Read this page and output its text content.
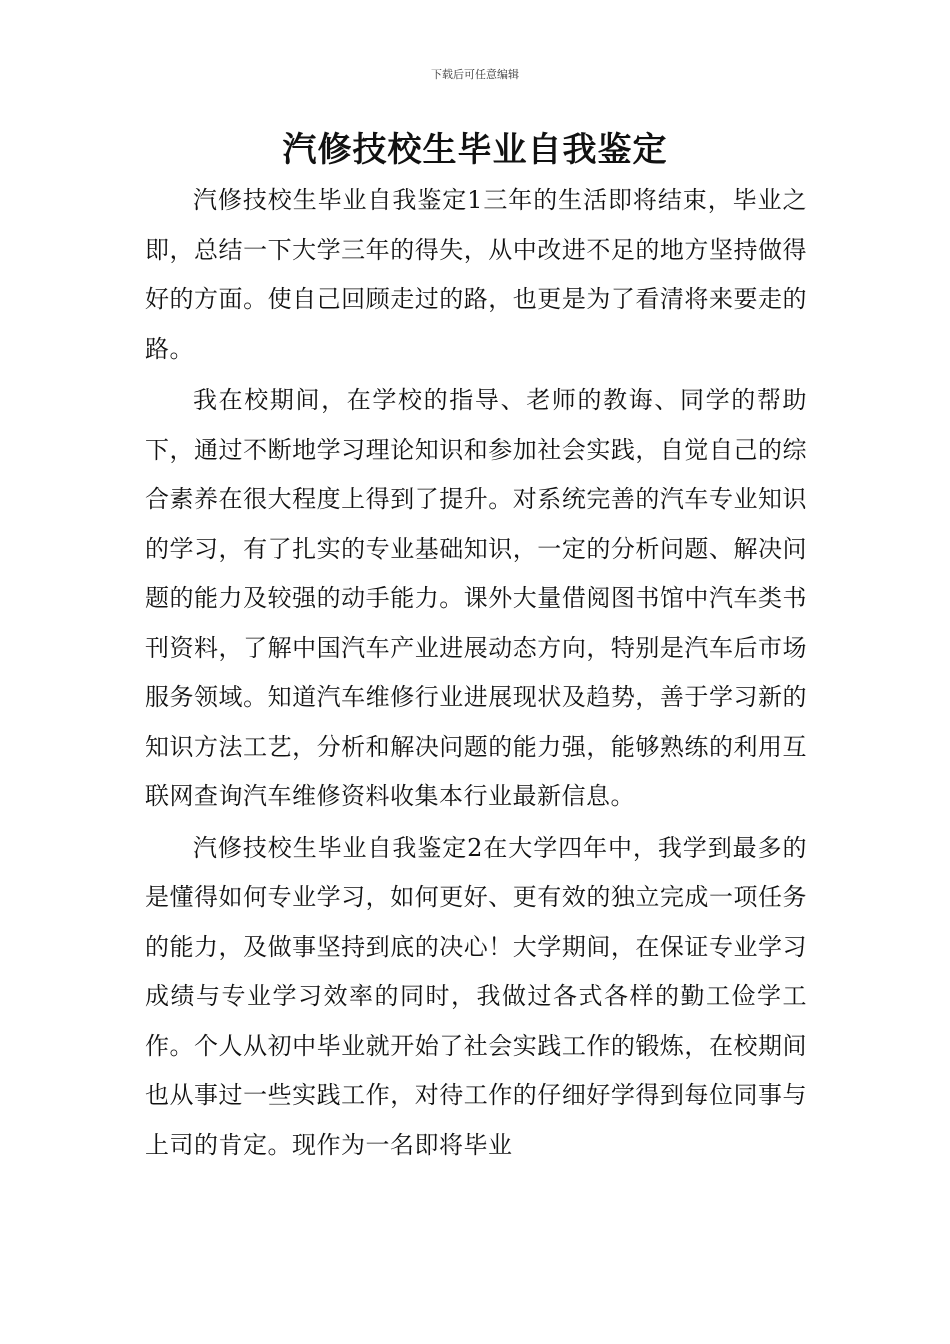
下载后可任意编辑
汽修技校生毕业自我鉴定

汽修技校生毕业自我鉴定1三年的生活即将结束，毕业之即，总结一下大学三年的得失，从中改进不足的地方坚持做得好的方面。使自己回顾走过的路，也更是为了看清将来要走的路。

我在校期间，在学校的指导、老师的教诲、同学的帮助下，通过不断地学习理论知识和参加社会实践，自觉自己的综合素养在很大程度上得到了提升。对系统完善的汽车专业知识的学习，有了扎实的专业基础知识，一定的分析问题、解决问题的能力及较强的动手能力。课外大量借阅图书馆中汽车类书刊资料，了解中国汽车产业进展动态方向，特别是汽车后市场服务领域。知道汽车维修行业进展现状及趋势，善于学习新的知识方法工艺，分析和解决问题的能力强，能够熟练的利用互联网查询汽车维修资料收集本行业最新信息。

汽修技校生毕业自我鉴定2在大学四年中，我学到最多的是懂得如何专业学习，如何更好、更有效的独立完成一项任务的能力，及做事坚持到底的决心！大学期间，在保证专业学习成绩与专业学习效率的同时，我做过各式各样的勤工俭学工作。个人从初中毕业就开始了社会实践工作的锻炼，在校期间也从事过一些实践工作，对待工作的仔细好学得到每位同事与上司的肯定。现作为一名即将毕业
